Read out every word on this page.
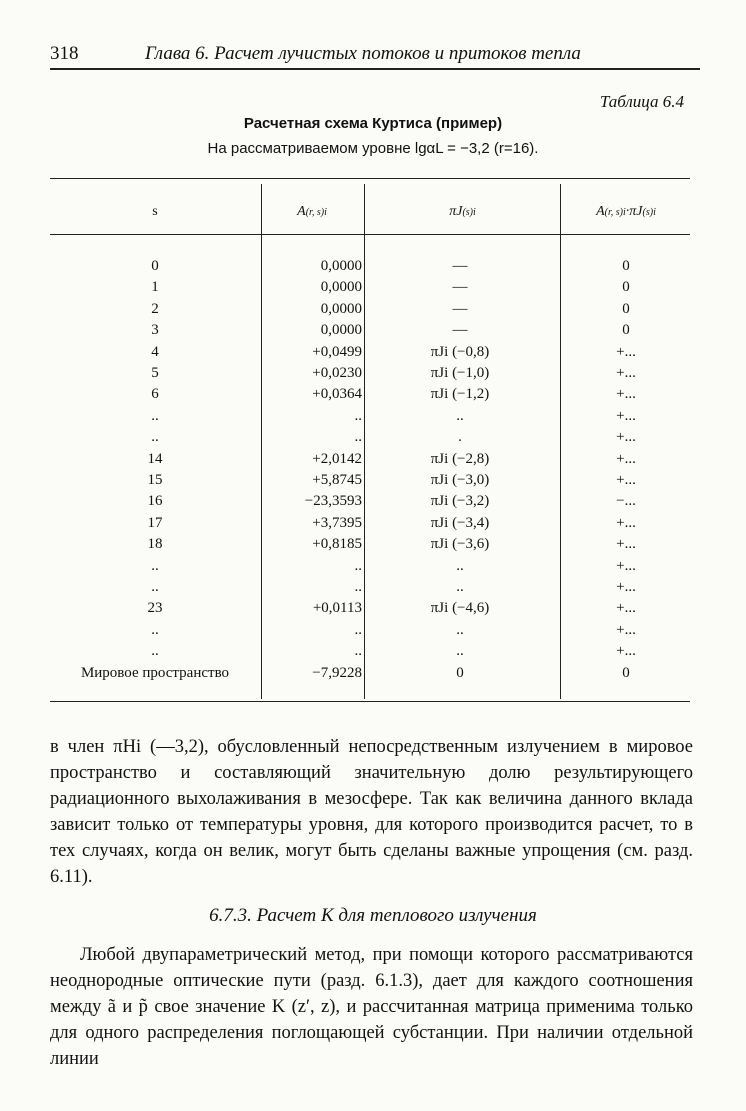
318	Глава 6. Расчет лучистых потоков и притоков тепла
Таблица 6.4
Расчетная схема Куртиса (пример)
На рассматриваемом уровне lgαL = −3,2 (r=16).
s	A (r, s) i	πJ (s) i	A (r, s) i ·πJ (s) i
0	0,0000	—	0
1	0,0000	—	0
2	0,0000	—	0
3	0,0000	—	0
4	+0,0499	πJi (−0,8)	+...
5	+0,0230	πJi (−1,0)	+...
6	+0,0364	πJi (−1,2)	+...
..	..	..	+...
..	..	.	+...
14	+2,0142	πJi (−2,8)	+...
15	+5,8745	πJi (−3,0)	+...
16	−23,3593	πJi (−3,2)	−...
17	+3,7395	πJi (−3,4)	+...
18	+0,8185	πJi (−3,6)	+...
..	..	..	+...
..	..	..	+...
23	+0,0113	πJi (−4,6)	+...
..	..	..	+...
..	..	..	+...
Мировое пространство	−7,9228	0	0

в член πHi (—3,2), обусловленный непосредственным излучением в мировое пространство и составляющий значительную долю результирующего радиационного выхолаживания в мезосфере. Так как величина данного вклада зависит только от температуры уровня, для которого производится расчет, то в тех случаях, когда он велик, могут быть сделаны важные упрощения (см. разд. 6.11).

6.7.3. Расчет K для теплового излучения

Любой двупараметрический метод, при помощи которого рассматриваются неоднородные оптические пути (разд. 6.1.3), дает для каждого соотношения между ã и p̃ свое значение K (z′, z), и рассчитанная матрица применима только для одного распределения поглощающей субстанции. При наличии отдельной линии
